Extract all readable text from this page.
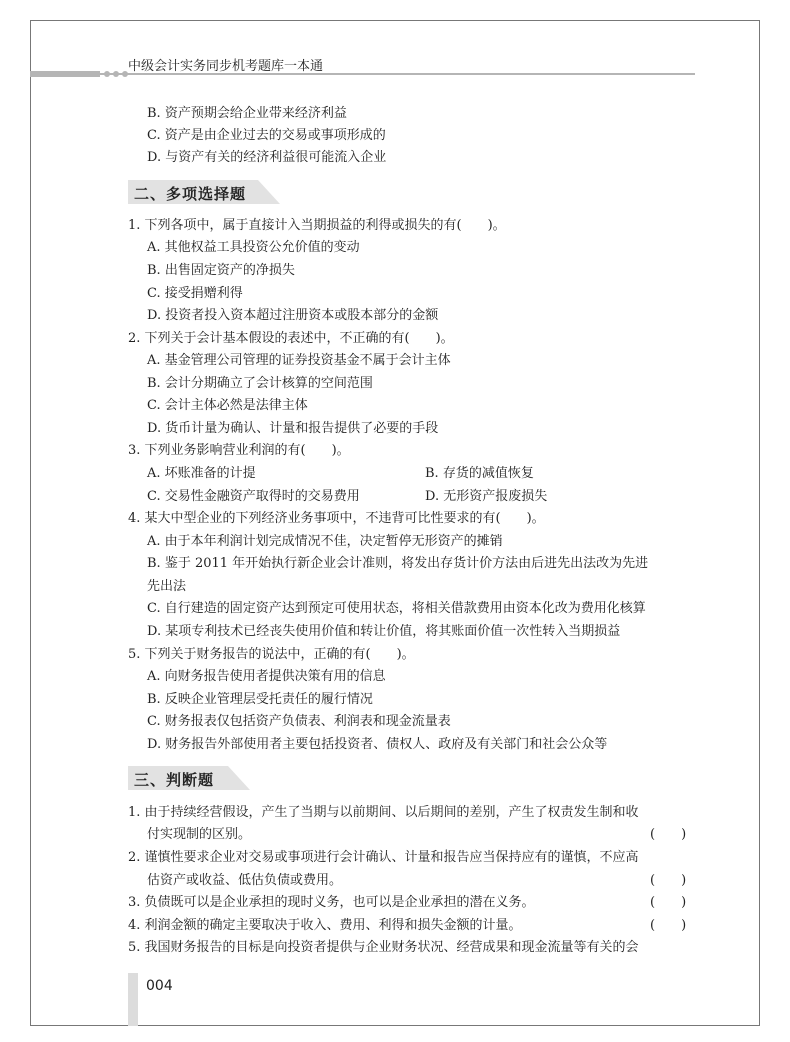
中级会计实务同步机考题库一本通
B. 资产预期会给企业带来经济利益
C. 资产是由企业过去的交易或事项形成的
D. 与资产有关的经济利益很可能流入企业
二、多项选择题
1. 下列各项中，属于直接计入当期损益的利得或损失的有(　　)。
A. 其他权益工具投资公允价值的变动
B. 出售固定资产的净损失
C. 接受捐赠利得
D. 投资者投入资本超过注册资本或股本部分的金额
2. 下列关于会计基本假设的表述中，不正确的有(　　)。
A. 基金管理公司管理的证券投资基金不属于会计主体
B. 会计分期确立了会计核算的空间范围
C. 会计主体必然是法律主体
D. 货币计量为确认、计量和报告提供了必要的手段
3. 下列业务影响营业利润的有(　　)。
A. 坏账准备的计提	B. 存货的减值恢复
C. 交易性金融资产取得时的交易费用	D. 无形资产报废损失
4. 某大中型企业的下列经济业务事项中，不违背可比性要求的有(　　)。
A. 由于本年利润计划完成情况不佳，决定暂停无形资产的摊销
B. 鉴于 2011 年开始执行新企业会计准则，将发出存货计价方法由后进先出法改为先进
先出法
C. 自行建造的固定资产达到预定可使用状态，将相关借款费用由资本化改为费用化核算
D. 某项专利技术已经丧失使用价值和转让价值，将其账面价值一次性转入当期损益
5. 下列关于财务报告的说法中，正确的有(　　)。
A. 向财务报告使用者提供决策有用的信息
B. 反映企业管理层受托责任的履行情况
C. 财务报表仅包括资产负债表、利润表和现金流量表
D. 财务报告外部使用者主要包括投资者、债权人、政府及有关部门和社会公众等
三、判断题
1. 由于持续经营假设，产生了当期与以前期间、以后期间的差别，产生了权责发生制和收
付实现制的区别。	(　　)
2. 谨慎性要求企业对交易或事项进行会计确认、计量和报告应当保持应有的谨慎，不应高
估资产或收益、低估负债或费用。	(　　)
3. 负债既可以是企业承担的现时义务，也可以是企业承担的潜在义务。	(　　)
4. 利润金额的确定主要取决于收入、费用、利得和损失金额的计量。	(　　)
5. 我国财务报告的目标是向投资者提供与企业财务状况、经营成果和现金流量等有关的会
004
